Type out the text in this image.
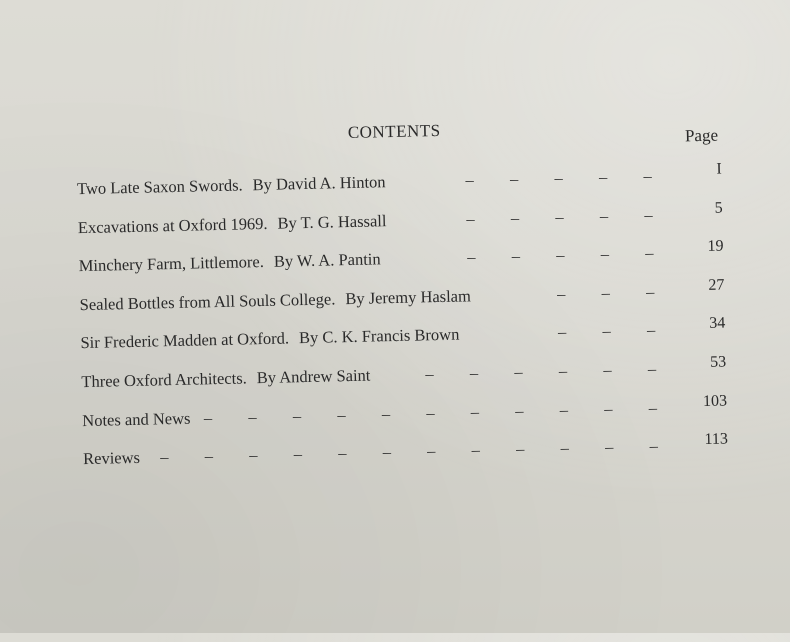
CONTENTS	Page
Two Late Saxon Swords. By David A. Hinton	– – – – –	I
Excavations at Oxford 1969. By T. G. Hassall	– – – – –	5
Minchery Farm, Littlemore. By W. A. Pantin	– – – – –	19
Sealed Bottles from All Souls College. By Jeremy Haslam	– – –	27
Sir Frederic Madden at Oxford. By C. K. Francis Brown	– – –	34
Three Oxford Architects. By Andrew Saint	– – – – – –	53
Notes and News – – – – – – – – – – –	103
Reviews	– – – – – – – – – – – –	113
